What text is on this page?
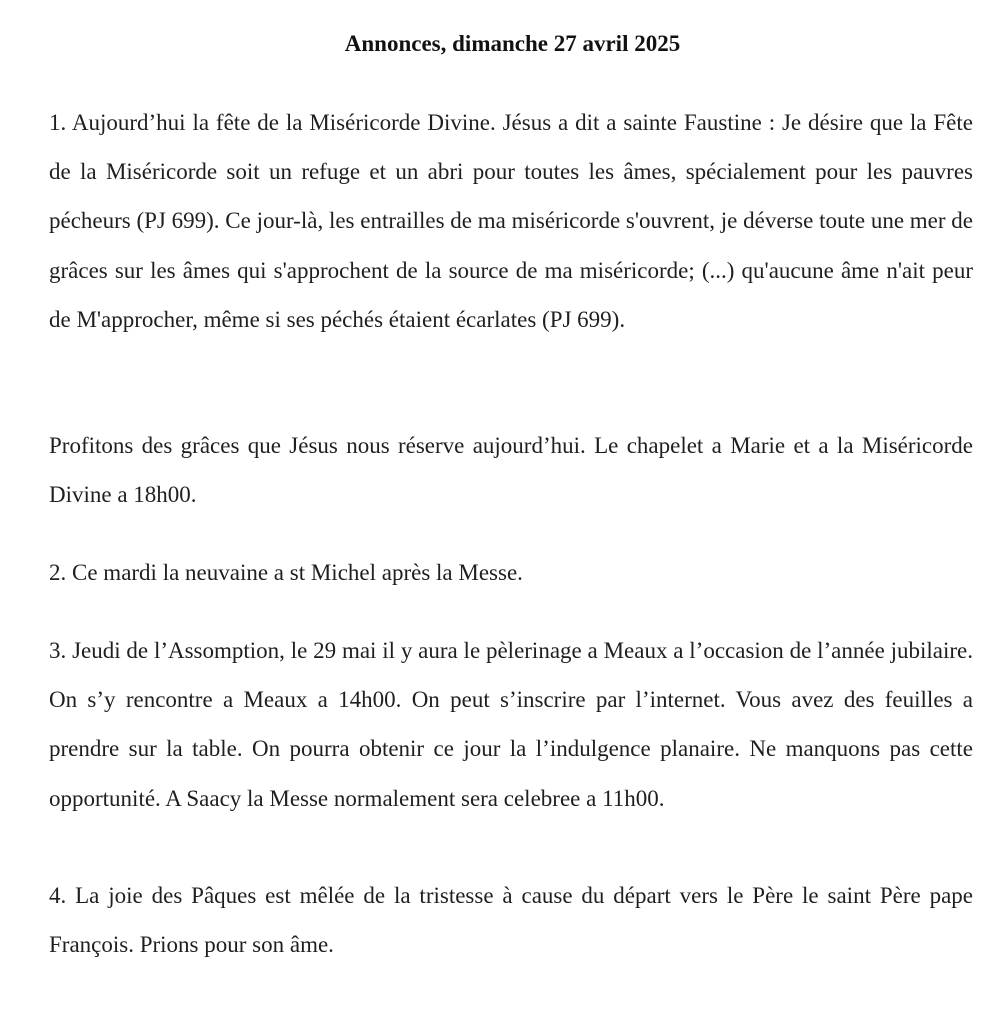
Annonces, dimanche 27 avril 2025

1. Aujourd’hui la fête de la Miséricorde Divine. Jésus a dit a sainte Faustine : Je désire que la Fête de la Miséricorde soit un refuge et un abri pour toutes les âmes, spécialement pour les pauvres pécheurs (PJ 699). Ce jour-là, les entrailles de ma miséricorde s'ouvrent, je déverse toute une mer de grâces sur les âmes qui s'approchent de la source de ma miséricorde; (...) qu'aucune âme n'ait peur de M'approcher, même si ses péchés étaient écarlates (PJ 699).

Profitons des grâces que Jésus nous réserve aujourd’hui. Le chapelet a Marie et a la Miséricorde Divine a 18h00.

2. Ce mardi la neuvaine a st Michel après la Messe.

3. Jeudi de l’Assomption, le 29 mai il y aura le pèlerinage a Meaux a l’occasion de l’année jubilaire. On s’y rencontre a Meaux a 14h00. On peut s’inscrire par l’internet. Vous avez des feuilles a prendre sur la table. On pourra obtenir ce jour la l’indulgence planaire. Ne manquons pas cette opportunité. A Saacy la Messe normalement sera celebree a 11h00.

4. La joie des Pâques est mêlée de la tristesse à cause du départ vers le Père le saint Père pape François. Prions pour son âme.
